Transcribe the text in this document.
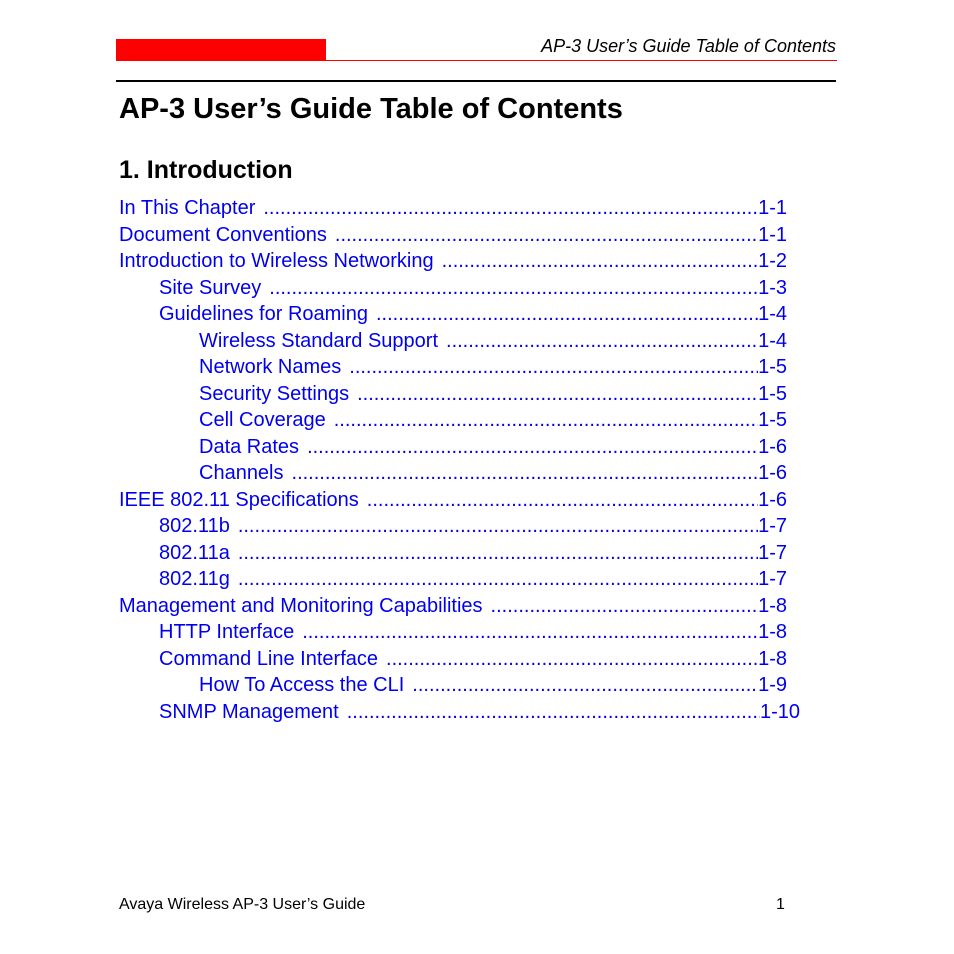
AP-3 User’s Guide Table of Contents
AP-3 User’s Guide Table of Contents
1. Introduction
In This Chapter .....	1-1
Document Conventions .....	1-1
Introduction to Wireless Networking .....	1-2
Site Survey .....	1-3
Guidelines for Roaming .....	1-4
Wireless Standard Support .....	1-4
Network Names .....	1-5
Security Settings .....	1-5
Cell Coverage .....	1-5
Data Rates .....	1-6
Channels .....	1-6
IEEE 802.11 Specifications .....	1-6
802.11b .....	1-7
802.11a .....	1-7
802.11g .....	1-7
Management and Monitoring Capabilities .....	1-8
HTTP Interface .....	1-8
Command Line Interface .....	1-8
How To Access the CLI .....	1-9
SNMP Management .....	1-10
Avaya Wireless AP-3 User’s Guide	1
